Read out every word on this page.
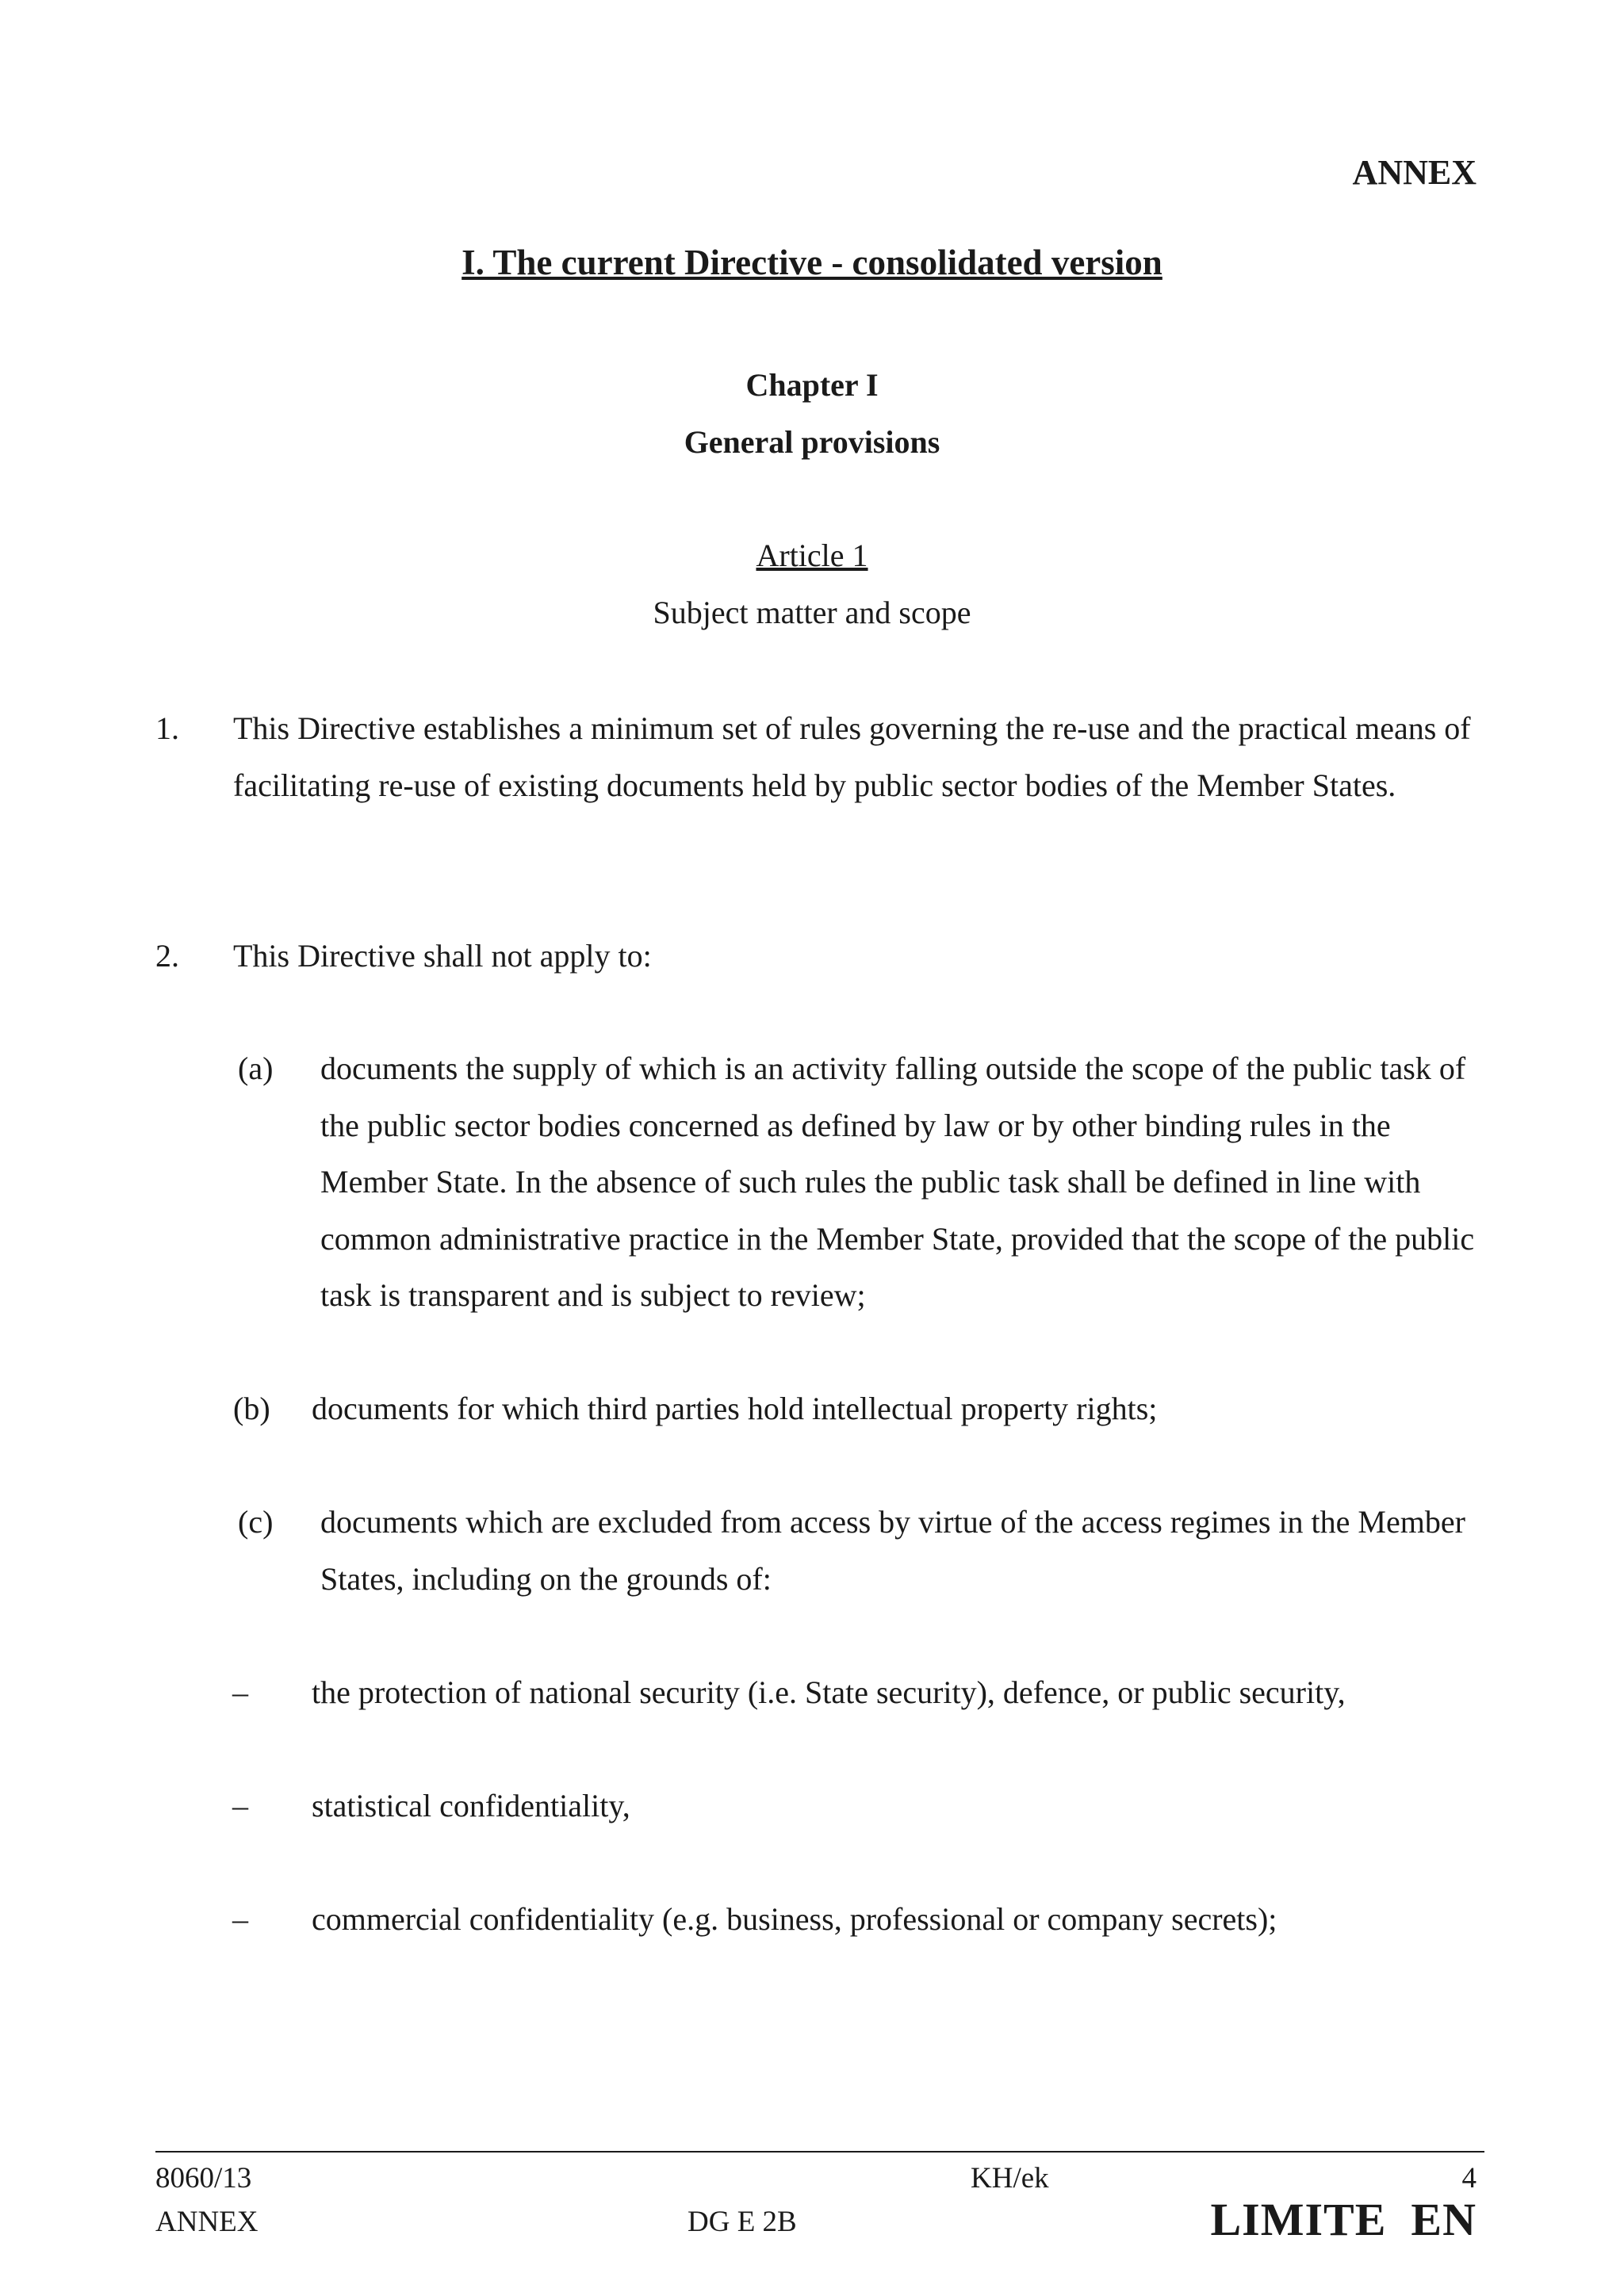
ANNEX
I. The current Directive - consolidated version
Chapter I
General provisions
Article 1
Subject matter and scope
1. This Directive establishes a minimum set of rules governing the re-use and the practical means of facilitating re-use of existing documents held by public sector bodies of the Member States.
2. This Directive shall not apply to:
(a) documents the supply of which is an activity falling outside the scope of the public task of the public sector bodies concerned as defined by law or by other binding rules in the Member State. In the absence of such rules the public task shall be defined in line with common administrative practice in the Member State, provided that the scope of the public task is transparent and is subject to review;
(b) documents for which third parties hold intellectual property rights;
(c) documents which are excluded from access by virtue of the access regimes in the Member States, including on the grounds of:
– the protection of national security (i.e. State security), defence, or public security,
– statistical confidentiality,
– commercial confidentiality (e.g. business, professional or company secrets);
8060/13
ANNEX
KH/ek
DG E 2B
4
LIMITE EN
